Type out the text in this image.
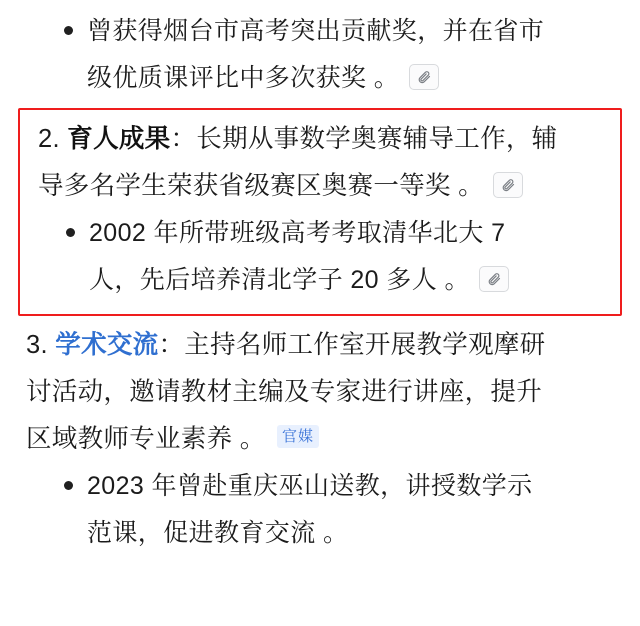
曾获得烟台市高考突出贡献奖，并在省市
级优质课评比中多次获奖 。
2. 育人成果：长期从事数学奥赛辅导工作，辅
导多名学生荣获省级赛区奥赛一等奖 。
2002 年所带班级高考考取清华北大 7
人，先后培养清北学子 20 多人 。
3. 学术交流：主持名师工作室开展教学观摩研
讨活动，邀请教材主编及专家进行讲座，提升
区域教师专业素养 。 官媒
2023 年曾赴重庆巫山送教，讲授数学示
范课，促进教育交流 。
